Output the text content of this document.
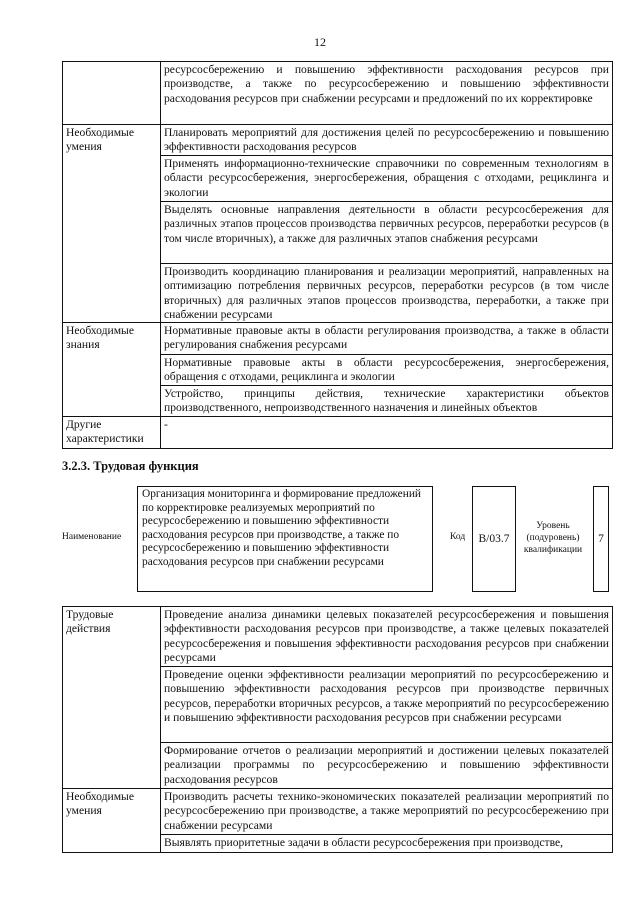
12

	ресурсосбережению и повышению эффективности расходования ресурсов при производстве, а также по ресурсосбережению и повышению эффективности расходования ресурсов при снабжении ресурсами и предложений по их корректировке

Необходимые умения	Планировать мероприятий для достижения целей по ресурсосбережению и повышению эффективности расходования ресурсов

	Применять информационно-технические справочники по современным технологиям в области ресурсосбережения, энергосбережения, обращения с отходами, рециклинга и экологии

	Выделять основные направления деятельности в области ресурсосбережения для различных этапов процессов производства первичных ресурсов, переработки ресурсов (в том числе вторичных), а также для различных этапов снабжения ресурсами

	Производить координацию планирования и реализации мероприятий, направленных на оптимизацию потребления первичных ресурсов, переработки ресурсов (в том числе вторичных) для различных этапов процессов производства, переработки, а также при снабжении ресурсами

Необходимые знания	Нормативные правовые акты в области регулирования производства, а также в области регулирования снабжения ресурсами

	Нормативные правовые акты в области ресурсосбережения, энергосбережения, обращения с отходами, рециклинга и экологии

	Устройство, принципы действия, технические характеристики объектов производственного, непроизводственного назначения и линейных объектов

Другие характеристики	-
3.2.3. Трудовая функция
Наименование
Организация мониторинга и формирование предложений по корректировке реализуемых мероприятий по ресурсосбережению и повышению эффективности расходования ресурсов при производстве, а также по ресурсосбережению и повышению эффективности расходования ресурсов при снабжении ресурсами
Код	B/03.7
Уровень (подуровень) квалификации
7
Трудовые действия	Проведение анализа динамики целевых показателей ресурсосбережения и повышения эффективности расходования ресурсов при производстве, а также целевых показателей ресурсосбережения и повышения эффективности расходования ресурсов при снабжении ресурсами

	Проведение оценки эффективности реализации мероприятий по ресурсосбережению и повышению эффективности расходования ресурсов при производстве первичных ресурсов, переработки вторичных ресурсов, а также мероприятий по ресурсосбережению и повышению эффективности расходования ресурсов при снабжении ресурсами

	Формирование отчетов о реализации мероприятий и достижении целевых показателей реализации программы по ресурсосбережению и повышению эффективности расходования ресурсов

Необходимые умения	Производить расчеты технико-экономических показателей реализации мероприятий по ресурсосбережению при производстве, а также мероприятий по ресурсосбережению при снабжении ресурсами

	Выявлять приоритетные задачи в области ресурсосбережения при производстве,
